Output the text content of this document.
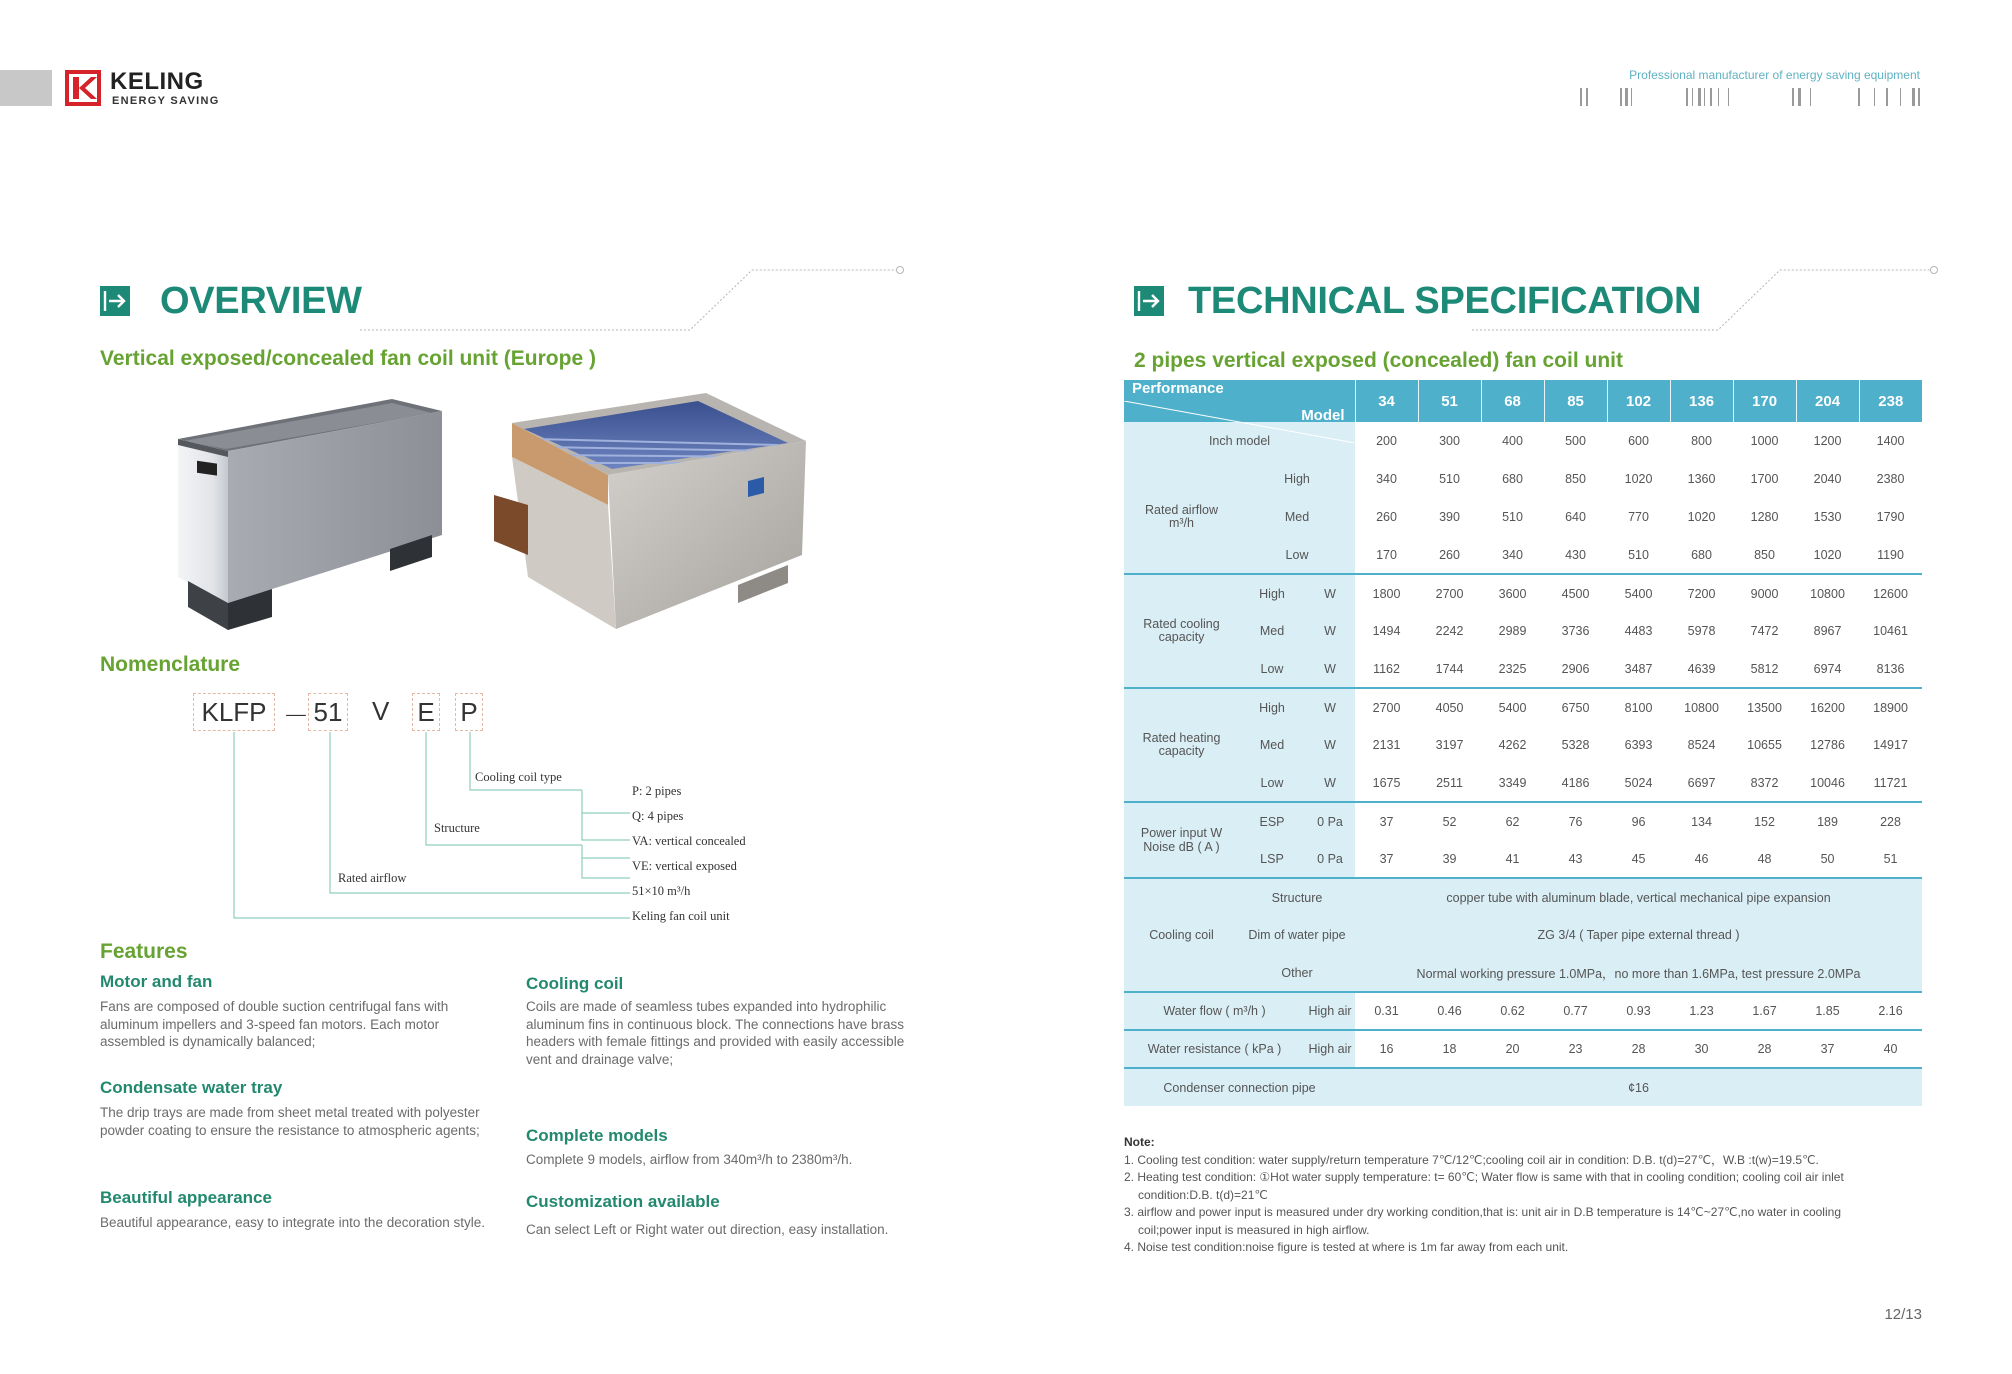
KELING
ENERGY SAVING
Professional manufacturer of energy saving equipment
OVERVIEW
Vertical exposed/concealed fan coil unit (Europe )
Nomenclature
KLFP － 51 V E P
Cooling coil type
Structure
Rated airflow
P: 2 pipes
Q: 4 pipes
VA: vertical concealed
VE: vertical exposed
51×10 m³/h
Keling fan coil unit
Features
Motor and fan
Fans are composed of double suction centrifugal fans with aluminum impellers and 3-speed fan motors. Each motor assembled is dynamically balanced;
Condensate water tray
The drip trays are made from sheet metal treated with polyester powder coating to ensure the resistance to atmospheric agents;
Beautiful appearance
Beautiful appearance, easy to integrate into the decoration style.
Cooling coil
Coils are made of seamless tubes expanded into hydrophilic aluminum fins in continuous block. The connections have brass headers with female fittings and provided with easily accessible vent and drainage valve;
Complete models
Complete 9 models, airflow from 340m³/h to 2380m³/h.
Customization available
Can select Left or Right water out direction, easy installation.
TECHNICAL SPECIFICATION
2 pipes vertical exposed (concealed) fan coil unit
Model
Performance			34	51	68	85	102	136	170	204	238
Inch model			200	300	400	500	600	800	1000	1200	1400
Rated airflow m³/h	High		340	510	680	850	1020	1360	1700	2040	2380
	Med		260	390	510	640	770	1020	1280	1530	1790
	Low		170	260	340	430	510	680	850	1020	1190
Rated cooling capacity	High	W	1800	2700	3600	4500	5400	7200	9000	10800	12600
	Med	W	1494	2242	2989	3736	4483	5978	7472	8967	10461
	Low	W	1162	1744	2325	2906	3487	4639	5812	6974	8136
Rated heating capacity	High	W	2700	4050	5400	6750	8100	10800	13500	16200	18900
	Med	W	2131	3197	4262	5328	6393	8524	10655	12786	14917
	Low	W	1675	2511	3349	4186	5024	6697	8372	10046	11721
Power input W Noise dB ( A )	ESP	0 Pa	37	52	62	76	96	134	152	189	228
	LSP	0 Pa	37	39	41	43	45	46	48	50	51
Cooling coil	Structure		copper tube with aluminum blade, vertical mechanical pipe expansion								
	Dim of water pipe		ZG 3/4 ( Taper pipe external thread )								
	Other		Normal working pressure 1.0MPa，no more than 1.6MPa, test pressure 2.0MPa								
Water flow ( m³/h )		High air	0.31	0.46	0.62	0.77	0.93	1.23	1.67	1.85	2.16
Water resistance ( kPa )		High air	16	18	20	23	28	30	28	37	40
Condenser connection pipe			¢16								
Note:
1. Cooling test condition: water supply/return temperature 7℃/12℃;cooling coil air in condition: D.B. t(d)=27℃，W.B :t(w)=19.5℃.
2. Heating test condition: ①Hot water supply temperature: t= 60℃; Water flow is same with that in cooling condition; cooling coil air inlet
condition:D.B. t(d)=21℃
3. airflow and power input is measured under dry working condition,that is: unit air in D.B temperature is 14℃~27℃,no water in cooling
coil;power input is measured in high airflow.
4. Noise test condition:noise figure is tested at where is 1m far away from each unit.
12/13
